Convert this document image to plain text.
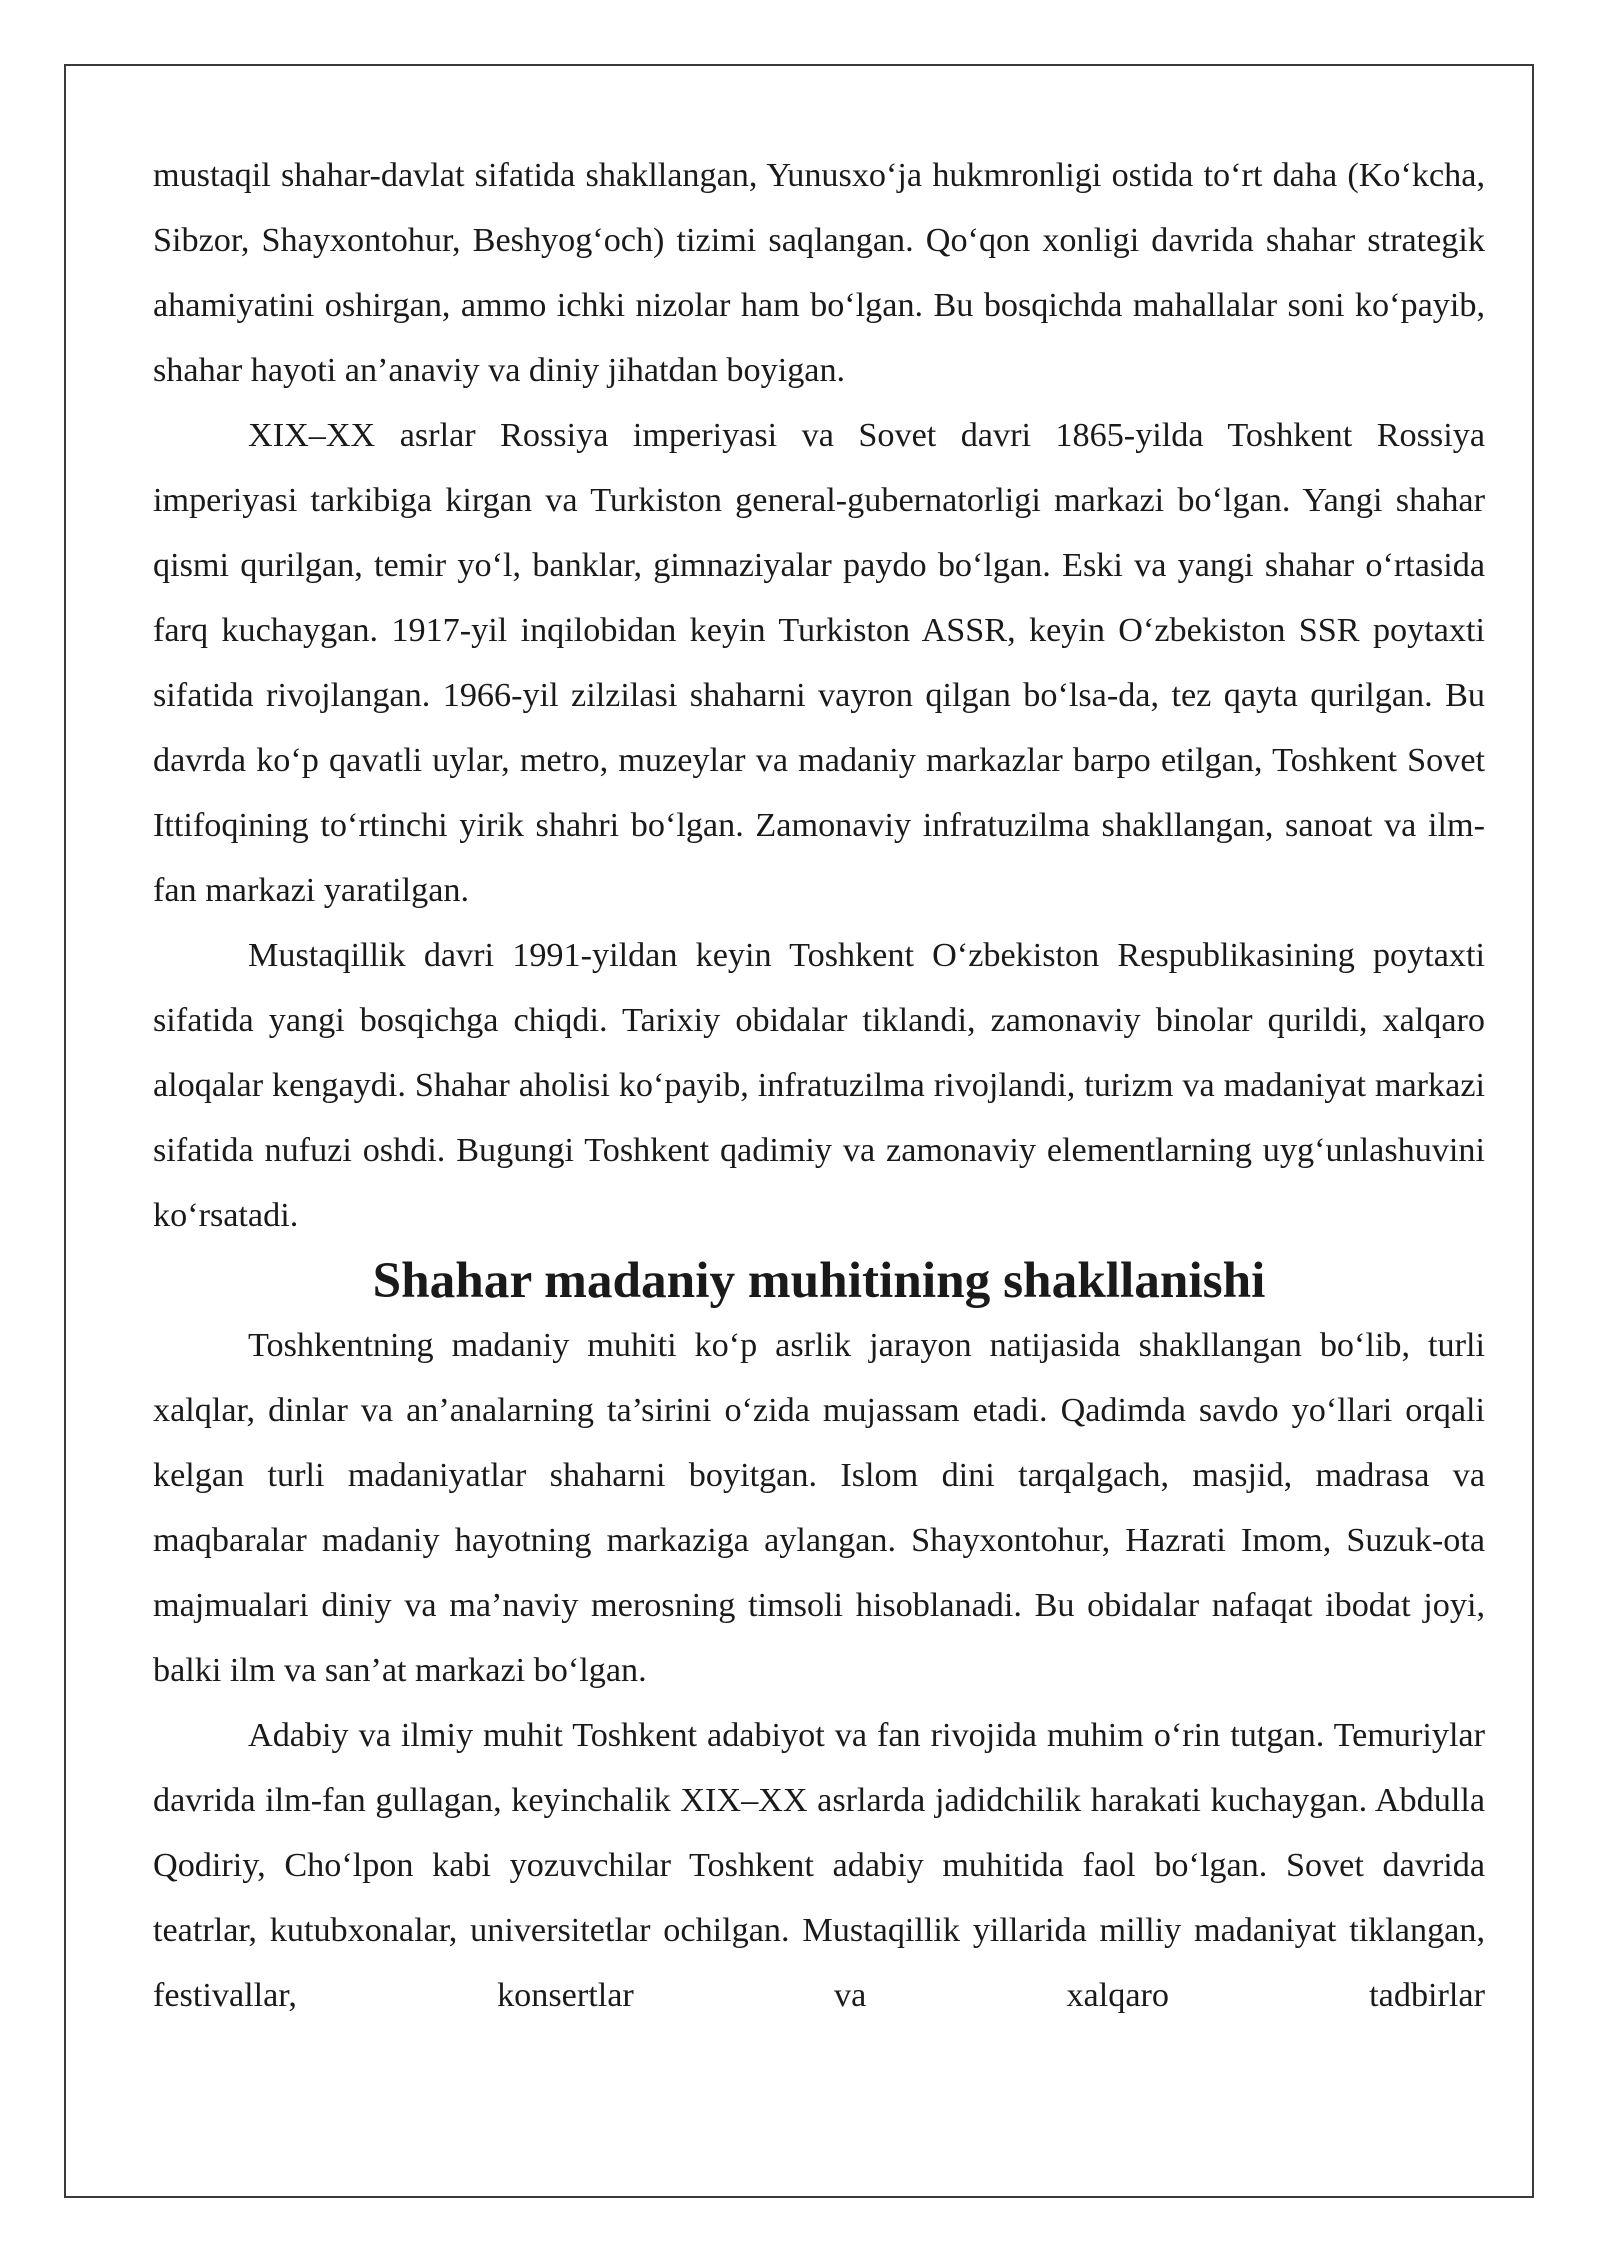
mustaqil shahar-davlat sifatida shakllangan, Yunusxo‘ja hukmronligi ostida to‘rt daha (Ko‘kcha, Sibzor, Shayxontohur, Beshyog‘och) tizimi saqlangan. Qo‘qon xonligi davrida shahar strategik ahamiyatini oshirgan, ammo ichki nizolar ham bo‘lgan. Bu bosqichda mahallalar soni ko‘payib, shahar hayoti an’anaviy va diniy jihatdan boyigan.

XIX–XX asrlar Rossiya imperiyasi va Sovet davri 1865-yilda Toshkent Rossiya imperiyasi tarkibiga kirgan va Turkiston general-gubernatorligi markazi bo‘lgan. Yangi shahar qismi qurilgan, temir yo‘l, banklar, gimnaziyalar paydo bo‘lgan. Eski va yangi shahar o‘rtasida farq kuchaygan. 1917-yil inqilobidan keyin Turkiston ASSR, keyin O‘zbekiston SSR poytaxti sifatida rivojlangan. 1966-yil zilzilasi shaharni vayron qilgan bo‘lsa-da, tez qayta qurilgan. Bu davrda ko‘p qavatli uylar, metro, muzeylar va madaniy markazlar barpo etilgan, Toshkent Sovet Ittifoqining to‘rtinchi yirik shahri bo‘lgan. Zamonaviy infratuzilma shakllangan, sanoat va ilm-fan markazi yaratilgan.

Mustaqillik davri 1991-yildan keyin Toshkent O‘zbekiston Respublikasining poytaxti sifatida yangi bosqichga chiqdi. Tarixiy obidalar tiklandi, zamonaviy binolar qurildi, xalqaro aloqalar kengaydi. Shahar aholisi ko‘payib, infratuzilma rivojlandi, turizm va madaniyat markazi sifatida nufuzi oshdi. Bugungi Toshkent qadimiy va zamonaviy elementlarning uyg‘unlashuvini ko‘rsatadi.

Shahar madaniy muhitining shakllanishi

Toshkentning madaniy muhiti ko‘p asrlik jarayon natijasida shakllangan bo‘lib, turli xalqlar, dinlar va an’analarning ta’sirini o‘zida mujassam etadi. Qadimda savdo yo‘llari orqali kelgan turli madaniyatlar shaharni boyitgan. Islom dini tarqalgach, masjid, madrasa va maqbaralar madaniy hayotning markaziga aylangan. Shayxontohur, Hazrati Imom, Suzuk-ota majmualari diniy va ma’naviy merosning timsoli hisoblanadi. Bu obidalar nafaqat ibodat joyi, balki ilm va san’at markazi bo‘lgan.

Adabiy va ilmiy muhit Toshkent adabiyot va fan rivojida muhim o‘rin tutgan. Temuriylar davrida ilm-fan gullagan, keyinchalik XIX–XX asrlarda jadidchilik harakati kuchaygan. Abdulla Qodiriy, Cho‘lpon kabi yozuvchilar Toshkent adabiy muhitida faol bo‘lgan. Sovet davrida teatrlar, kutubxonalar, universitetlar ochilgan. Mustaqillik yillarida milliy madaniyat tiklangan, festivallar, konsertlar va xalqaro tadbirlar
